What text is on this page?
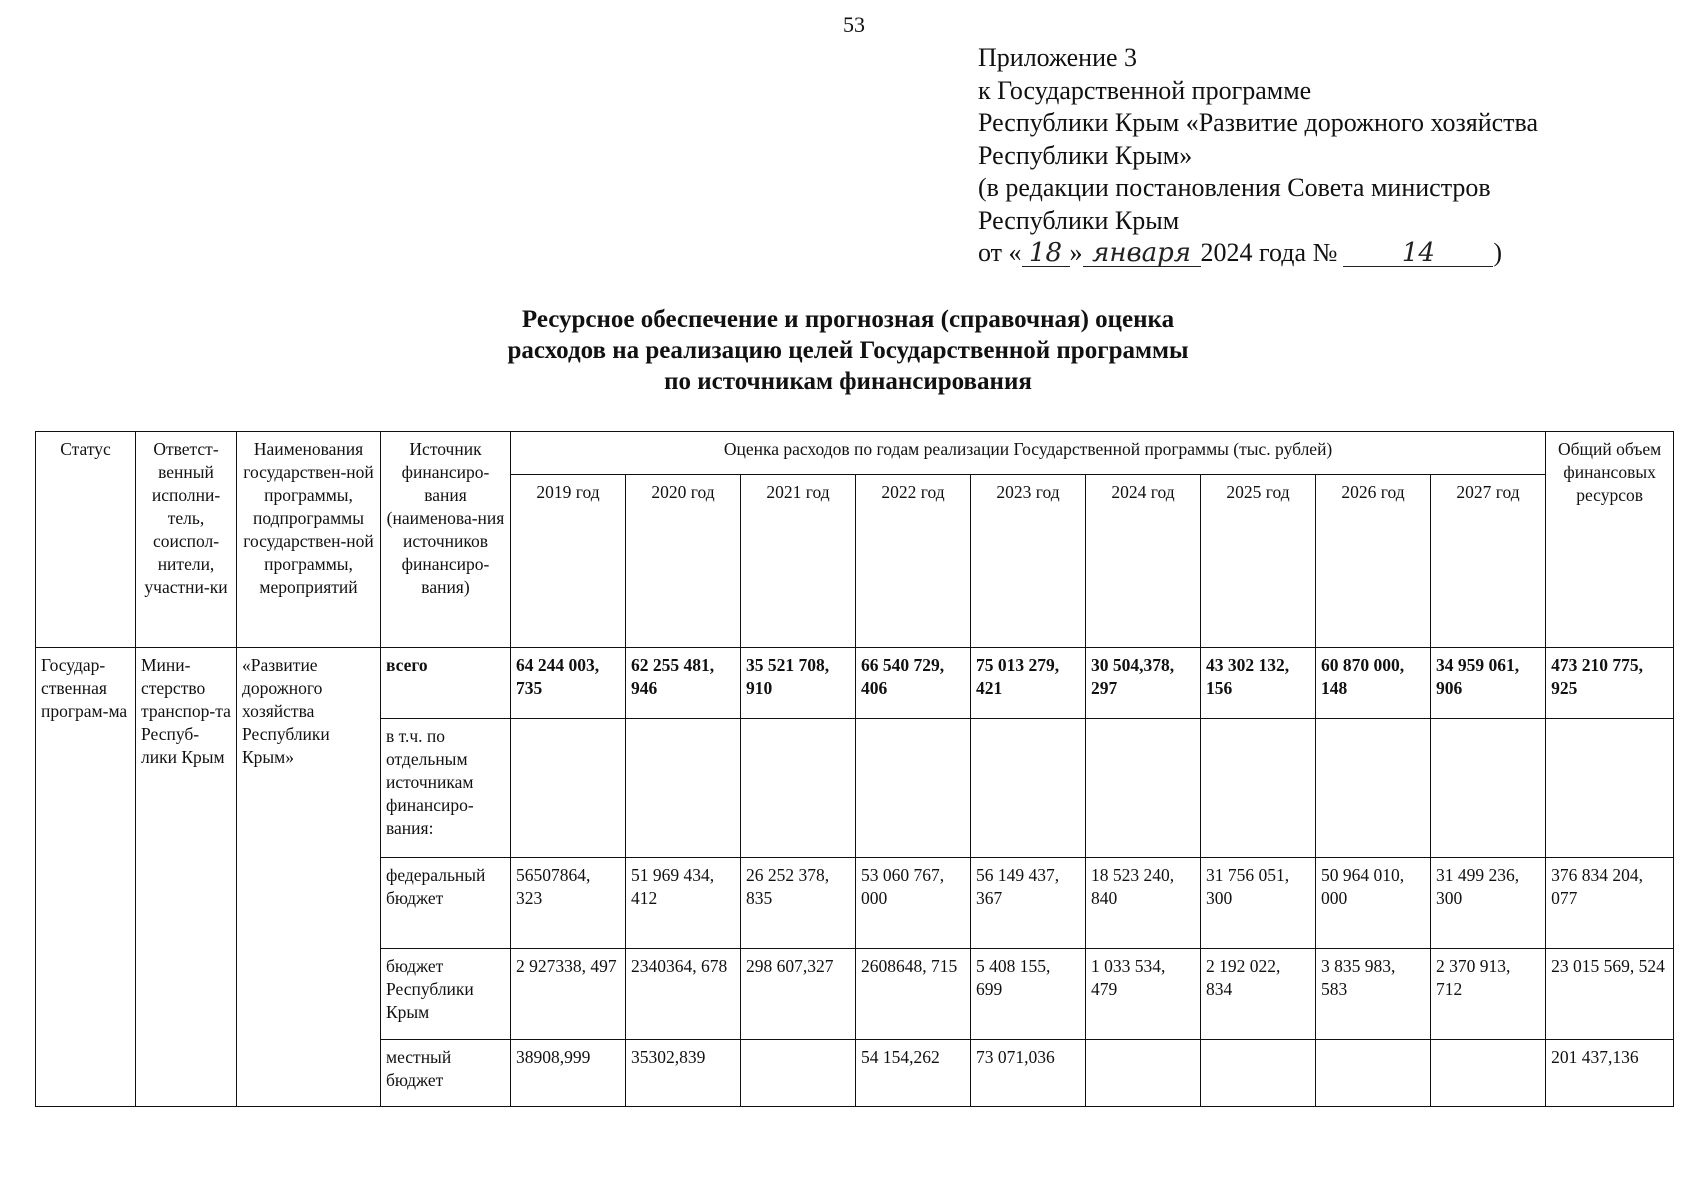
53
Приложение 3
к Государственной программе
Республики Крым «Развитие дорожного хозяйства
Республики Крым»
(в редакции постановления Совета министров
Республики Крым
от « 18 » января 2024 года № 14 )
Ресурсное обеспечение и прогнозная (справочная) оценка
расходов на реализацию целей Государственной программы
по источникам финансирования
Статус	Ответст-венный исполни-тель, соиспол-нители, участни-ки	Наименования государствен-ной программы, подпрограммы государствен-ной программы, мероприятий	Источник финансиро-вания (наименова-ния источников финансиро-вания)	Оценка расходов по годам реализации Государственной программы (тыс. рублей)									Общий объем финансовых ресурсов
				2019 год	2020 год	2021 год	2022 год	2023 год	2024 год	2025 год	2026 год	2027 год	
Государ-ственная програм-ма	Мини-стерство транспор-та Респуб-лики Крым	«Развитие дорожного хозяйства Республики Крым»	всего	64 244 003, 735	62 255 481, 946	35 521 708, 910	66 540 729, 406	75 013 279, 421	30 504,378, 297	43 302 132, 156	60 870 000, 148	34 959 061, 906	473 210 775, 925
			в т.ч. по отдельным источникам финансиро-вания:										
			федеральный бюджет	56507864, 323	51 969 434, 412	26 252 378, 835	53 060 767, 000	56 149 437, 367	18 523 240, 840	31 756 051, 300	50 964 010, 000	31 499 236, 300	376 834 204, 077
			бюджет Республики Крым	2 927338, 497	2340364, 678	298 607,327	2608648, 715	5 408 155, 699	1 033 534, 479	2 192 022, 834	3 835 983, 583	2 370 913, 712	23 015 569, 524
			местный бюджет	38908,999	35302,839		54 154,262	73 071,036					201 437,136
